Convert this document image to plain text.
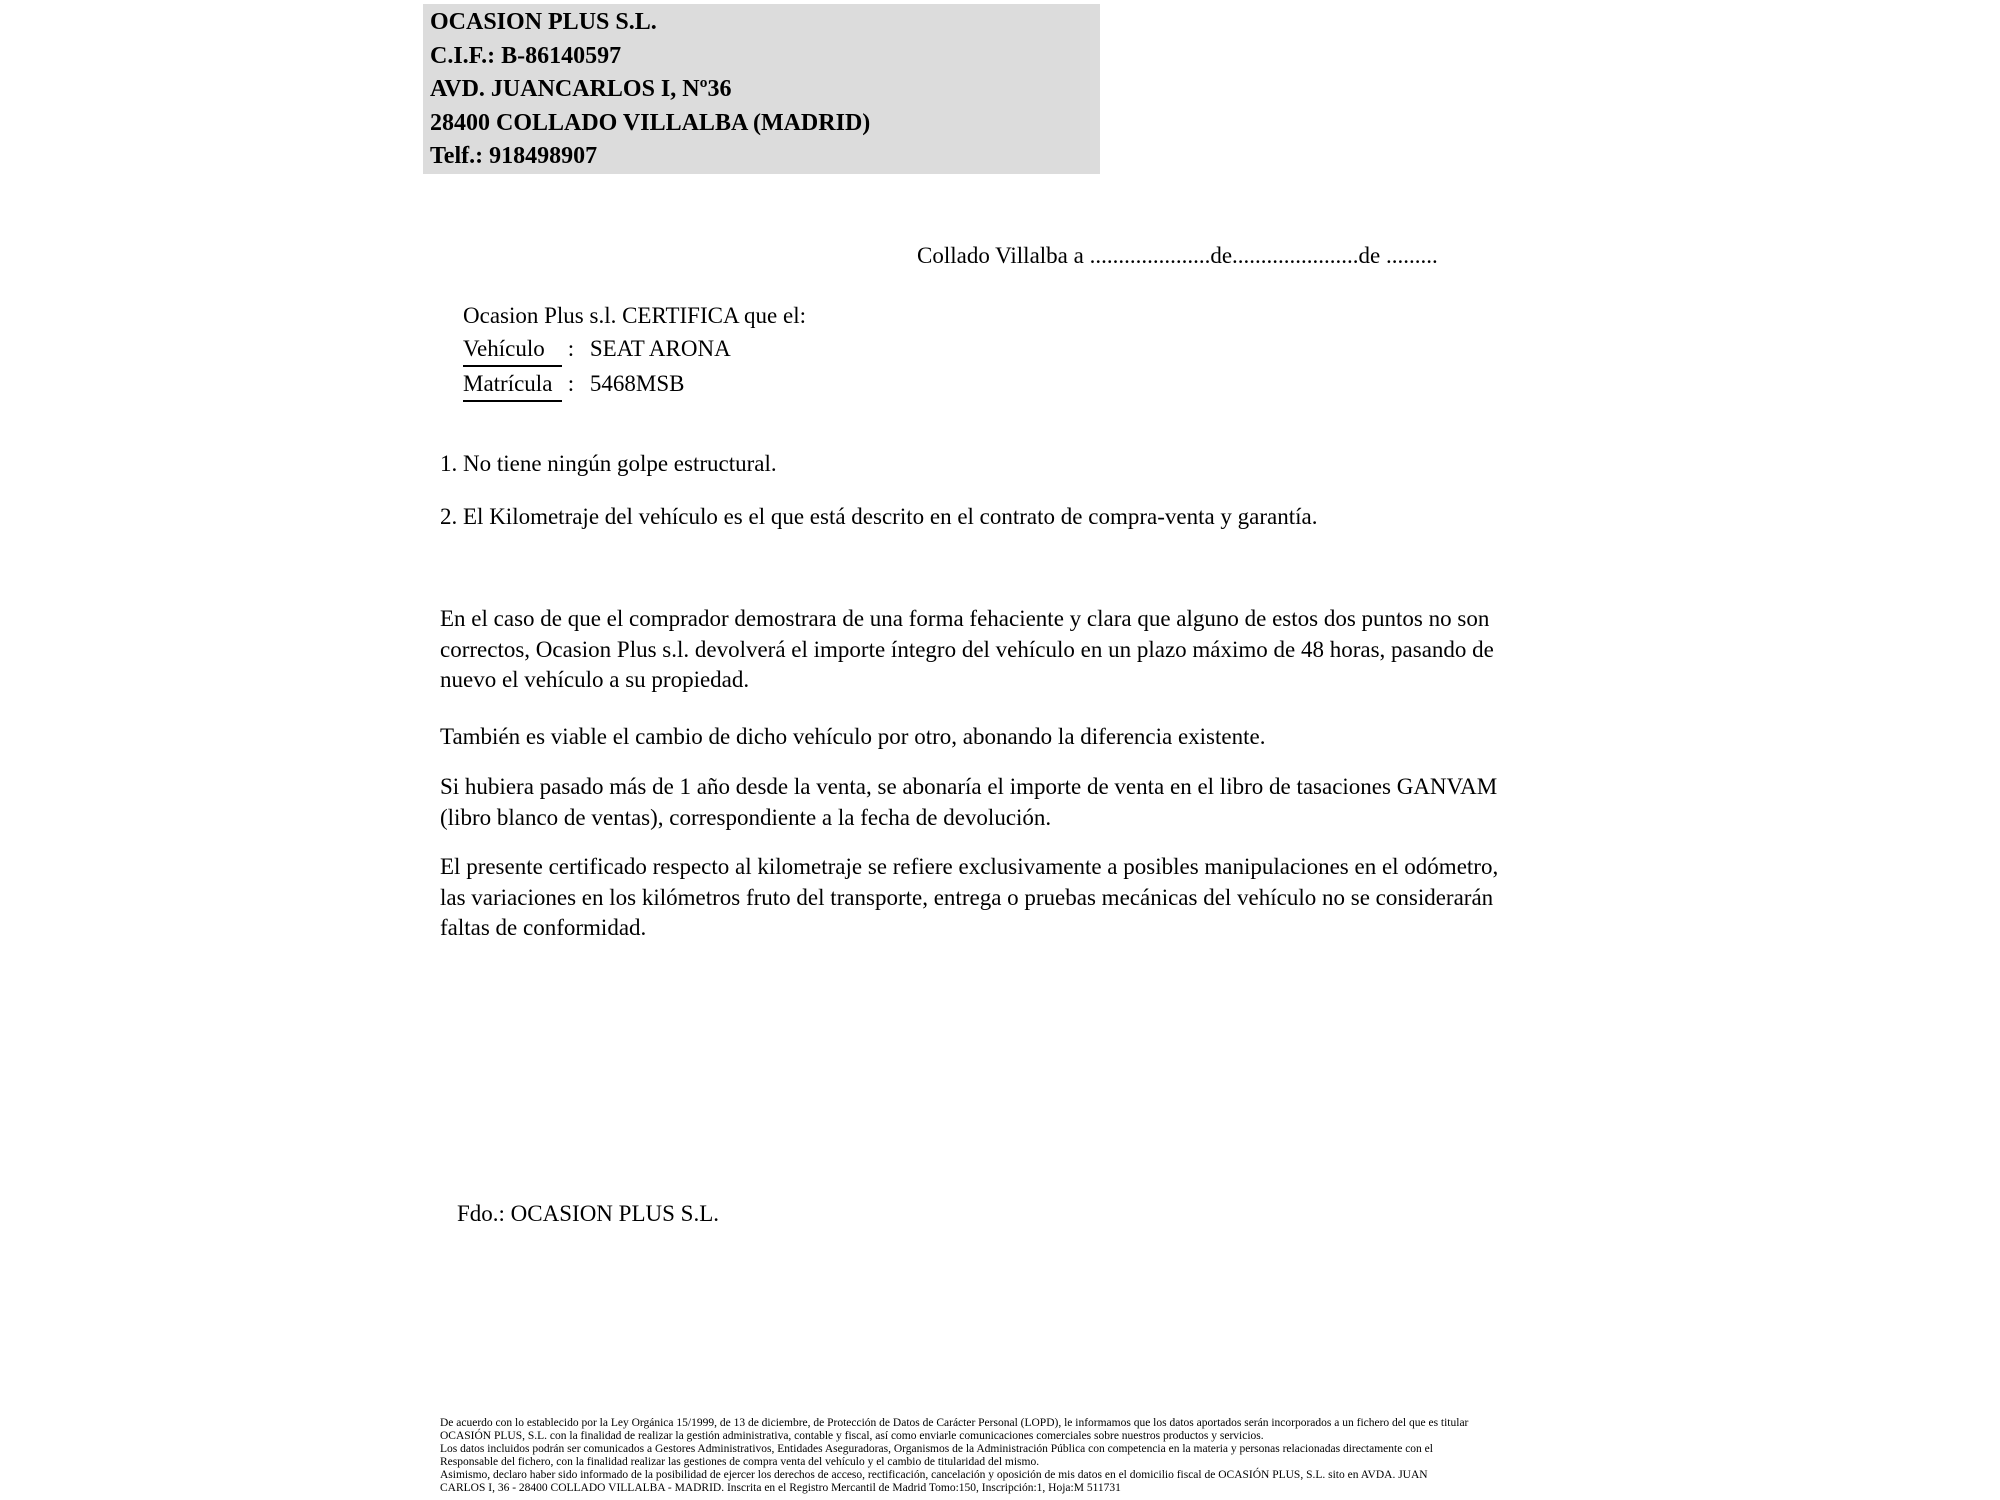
OCASION PLUS S.L.
C.I.F.: B-86140597
AVD. JUANCARLOS I, Nº36
28400 COLLADO VILLALBA (MADRID)
Telf.: 918498907
Collado Villalba a .....................de......................de .........
Ocasion Plus s.l. CERTIFICA que el:
Vehículo : SEAT ARONA
Matrícula : 5468MSB
1. No tiene ningún golpe estructural.
2. El Kilometraje del vehículo es el que está descrito en el contrato de compra-venta y garantía.
En el caso de que el comprador demostrara de una forma fehaciente y clara que alguno de estos dos puntos no son correctos, Ocasion Plus s.l. devolverá el importe íntegro del vehículo en un plazo máximo de 48 horas, pasando de nuevo el vehículo a su propiedad.
También es viable el cambio de dicho vehículo por otro, abonando la diferencia existente.
Si hubiera pasado más de 1 año desde la venta, se abonaría el importe de venta en el libro de tasaciones GANVAM (libro blanco de ventas), correspondiente a la fecha de devolución.
El presente certificado respecto al kilometraje se refiere exclusivamente a posibles manipulaciones en el odómetro, las variaciones en los kilómetros fruto del transporte, entrega o pruebas mecánicas del vehículo no se considerarán faltas de conformidad.
Fdo.: OCASION PLUS S.L.
De acuerdo con lo establecido por la Ley Orgánica 15/1999, de 13 de diciembre, de Protección de Datos de Carácter Personal (LOPD), le informamos que los datos aportados serán incorporados a un fichero del que es titular
OCASIÓN PLUS, S.L. con la finalidad de realizar la gestión administrativa, contable y fiscal, así como enviarle comunicaciones comerciales sobre nuestros productos y servicios.
Los datos incluidos podrán ser comunicados a Gestores Administrativos, Entidades Aseguradoras, Organismos de la Administración Pública con competencia en la materia y personas relacionadas directamente con el
Responsable del fichero, con la finalidad realizar las gestiones de compra venta del vehículo y el cambio de titularidad del mismo.
Asimismo, declaro haber sido informado de la posibilidad de ejercer los derechos de acceso, rectificación, cancelación y oposición de mis datos en el domicilio fiscal de OCASIÓN PLUS, S.L. sito en AVDA. JUAN
CARLOS I, 36 - 28400 COLLADO VILLALBA - MADRID. Inscrita en el Registro Mercantil de Madrid Tomo:150, Inscripción:1, Hoja:M 511731
